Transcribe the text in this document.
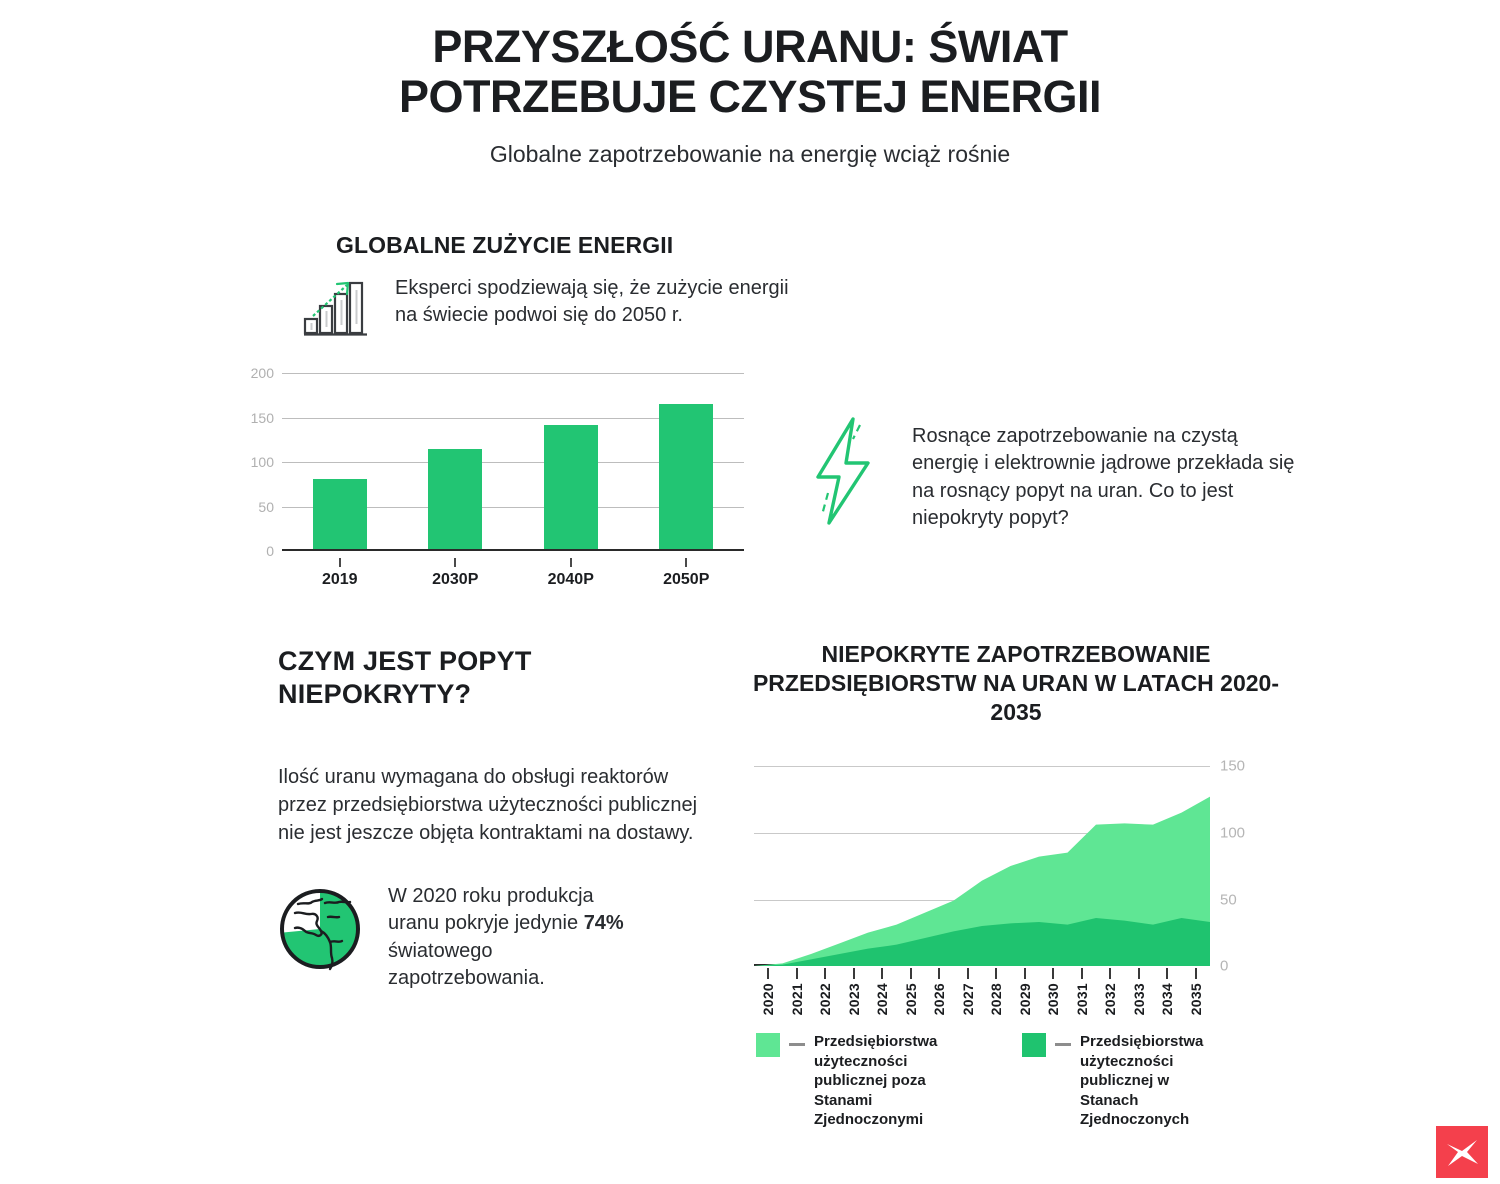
PRZYSZŁOŚĆ URANU: ŚWIAT
POTRZEBUJE CZYSTEJ ENERGII
Globalne zapotrzebowanie na energię wciąż rośnie
GLOBALNE ZUŻYCIE ENERGII
Eksperci spodziewają się, że zużycie energii na świecie podwoi się do 2050 r.
200
150
100
50
0
2019	2030P	2040P	2050P
Rosnące zapotrzebowanie na czystą energię i elektrownie jądrowe przekłada się na rosnący popyt na uran. Co to jest niepokryty popyt?
CZYM JEST POPYT
NIEPOKRYTY?
Ilość uranu wymagana do obsługi reaktorów przez przedsiębiorstwa użyteczności publicznej nie jest jeszcze objęta kontraktami na dostawy.
W 2020 roku produkcja uranu pokryje jedynie 74% światowego zapotrzebowania.
NIEPOKRYTE ZAPOTRZEBOWANIE PRZEDSIĘBIORSTW NA URAN W LATACH 2020-2035
150
100
50
0
2020 2021 2022 2023 2024 2025 2026 2027 2028 2029 2030 2031 2032 2033 2034 2035
Przedsiębiorstwa użyteczności publicznej poza Stanami Zjednoczonymi
Przedsiębiorstwa użyteczności publicznej w Stanach Zjednoczonych
